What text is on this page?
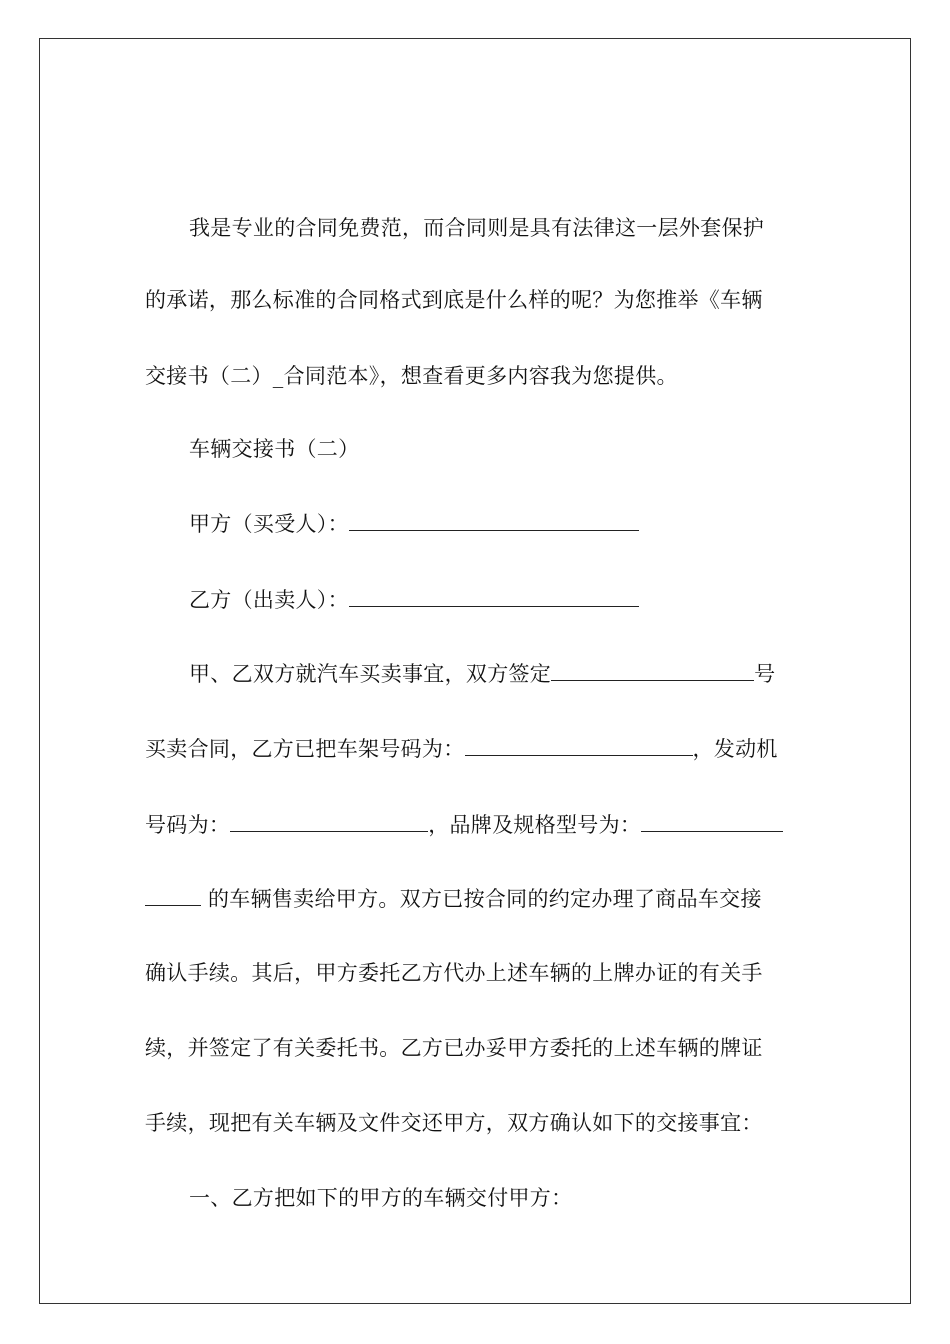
我是专业的合同免费范，而合同则是具有法律这一层外套保护
的承诺，那么标准的合同格式到底是什么样的呢？为您推举《车辆
交接书（二）_合同范本》，想查看更多内容我为您提供。
车辆交接书（二）
甲方（买受人）：
乙方（出卖人）：
甲、乙双方就汽车买卖事宜，双方签定	号
买卖合同，乙方已把车架号码为：	，发动机
号码为：	，品牌及规格型号为：
的车辆售卖给甲方。双方已按合同的约定办理了商品车交接
确认手续。其后，甲方委托乙方代办上述车辆的上牌办证的有关手
续，并签定了有关委托书。乙方已办妥甲方委托的上述车辆的牌证
手续，现把有关车辆及文件交还甲方，双方确认如下的交接事宜：
一、乙方把如下的甲方的车辆交付甲方：
